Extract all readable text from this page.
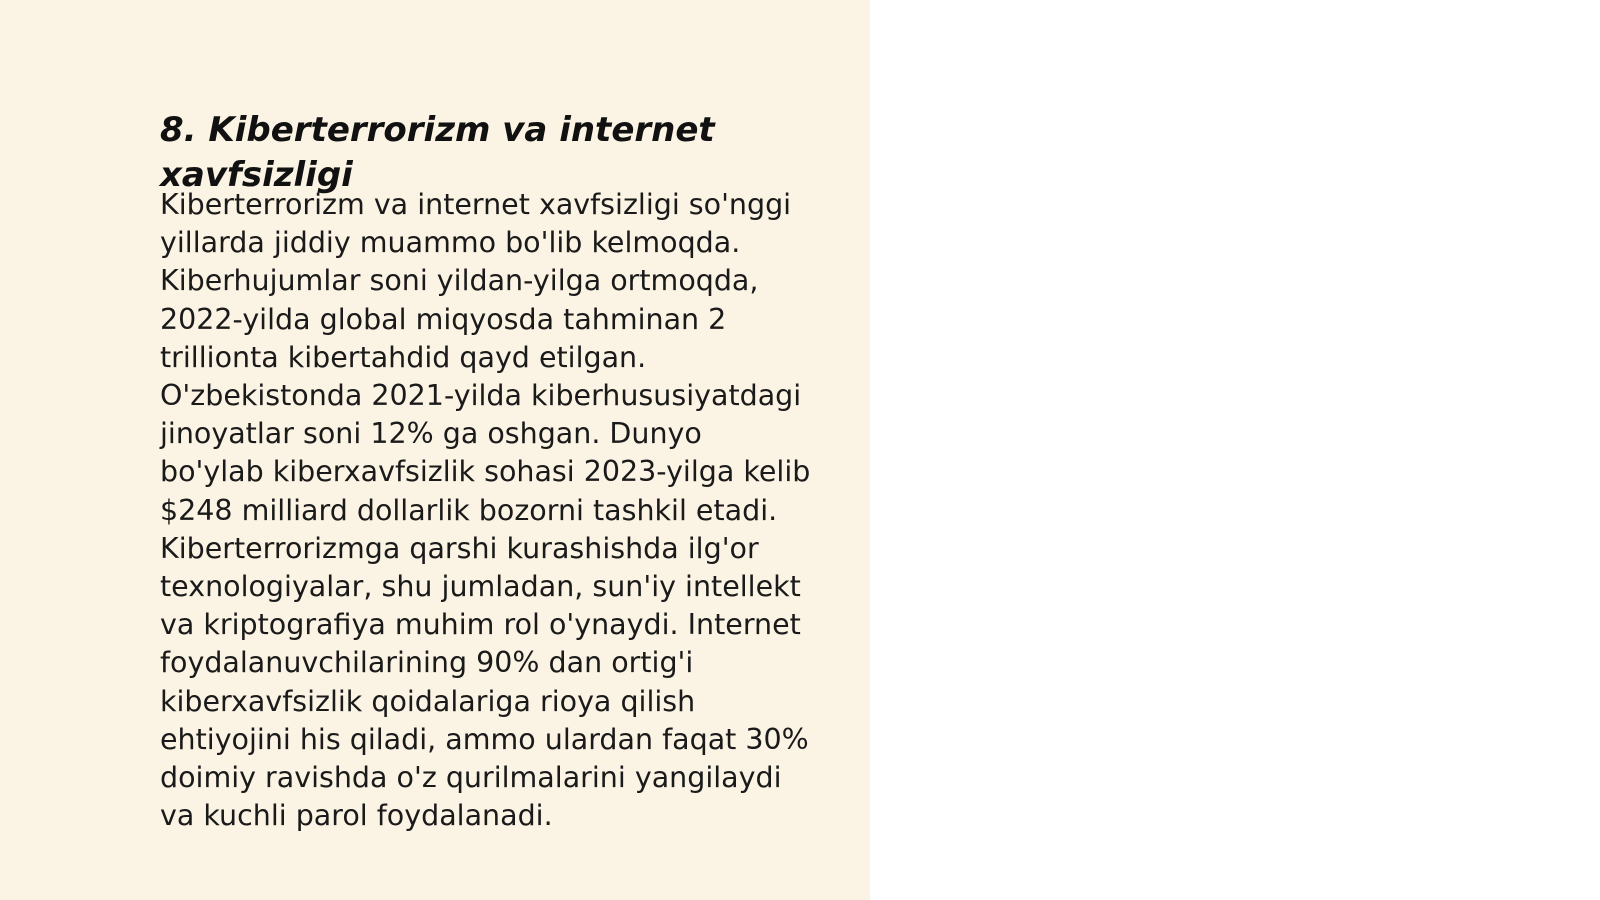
8. Kiberterrorizm va internet
xavfsizligi

Kiberterrorizm va internet xavfsizligi so'nggi
yillarda jiddiy muammo bo'lib kelmoqda.
Kiberhujumlar soni yildan-yilga ortmoqda,
2022-yilda global miqyosda tahminan 2
trillionta kibertahdid qayd etilgan.
O'zbekistonda 2021-yilda kiberhususiyatdagi
jinoyatlar soni 12% ga oshgan. Dunyo
bo'ylab kiberxavfsizlik sohasi 2023-yilga kelib
$248 milliard dollarlik bozorni tashkil etadi.
Kiberterrorizmga qarshi kurashishda ilg'or
texnologiyalar, shu jumladan, sun'iy intellekt
va kriptografiya muhim rol o'ynaydi. Internet
foydalanuvchilarining 90% dan ortig'i
kiberxavfsizlik qoidalariga rioya qilish
ehtiyojini his qiladi, ammo ulardan faqat 30%
doimiy ravishda o'z qurilmalarini yangilaydi
va kuchli parol foydalanadi.
